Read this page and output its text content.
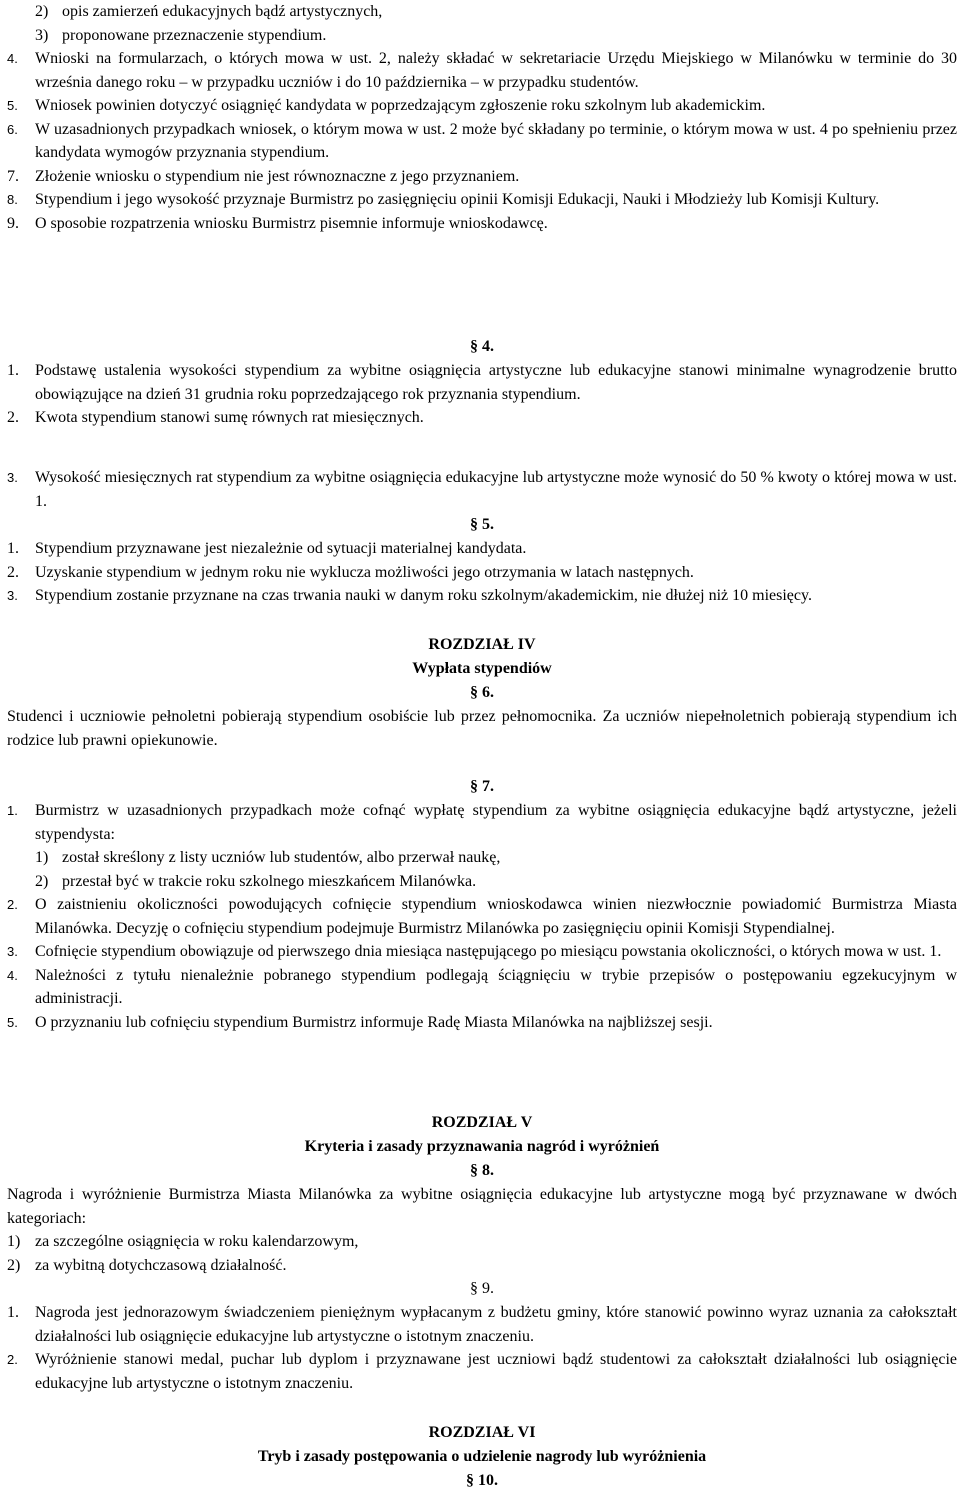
2) opis zamierzeń edukacyjnych bądź artystycznych,
3) proponowane przeznaczenie stypendium.
4. Wnioski na formularzach, o których mowa w ust. 2, należy składać w sekretariacie Urzędu Miejskiego w Milanówku w terminie do 30 września danego roku – w przypadku uczniów i do 10 października – w przypadku studentów.
5. Wniosek powinien dotyczyć osiągnięć kandydata w poprzedzającym zgłoszenie roku szkolnym lub akademickim.
6. W uzasadnionych przypadkach wniosek, o którym mowa w ust. 2 może być składany po terminie, o którym mowa w ust. 4 po spełnieniu przez kandydata wymogów przyznania stypendium.
7. Złożenie wniosku o stypendium nie jest równoznaczne z jego przyznaniem.
8. Stypendium i jego wysokość przyznaje Burmistrz po zasięgnięciu opinii Komisji Edukacji, Nauki i Młodzieży lub Komisji Kultury.
9. O sposobie rozpatrzenia wniosku Burmistrz pisemnie informuje wnioskodawcę.
§ 4.
1. Podstawę ustalenia wysokości stypendium za wybitne osiągnięcia artystyczne lub edukacyjne stanowi minimalne wynagrodzenie brutto obowiązujące na dzień 31 grudnia roku poprzedzającego rok przyznania stypendium.
2. Kwota stypendium stanowi sumę równych rat miesięcznych.
3. Wysokość miesięcznych rat stypendium za wybitne osiągnięcia edukacyjne lub artystyczne może wynosić do 50 % kwoty o której mowa w ust. 1.
§ 5.
1. Stypendium przyznawane jest niezależnie od sytuacji materialnej kandydata.
2. Uzyskanie stypendium w jednym roku nie wyklucza możliwości jego otrzymania w latach następnych.
3. Stypendium zostanie przyznane na czas trwania nauki w danym roku szkolnym/akademickim, nie dłużej niż 10 miesięcy.
ROZDZIAŁ IV
Wypłata stypendiów
§ 6.
Studenci i uczniowie pełnoletni pobierają stypendium osobiście lub przez pełnomocnika. Za uczniów niepełnoletnich pobierają stypendium ich rodzice lub prawni opiekunowie.
§ 7.
1. Burmistrz w uzasadnionych przypadkach może cofnąć wypłatę stypendium za wybitne osiągnięcia edukacyjne bądź artystyczne, jeżeli stypendysta:
1) został skreślony z listy uczniów lub studentów, albo przerwał naukę,
2) przestał być w trakcie roku szkolnego mieszkańcem Milanówka.
2. O zaistnieniu okoliczności powodujących cofnięcie stypendium wnioskodawca winien niezwłocznie powiadomić Burmistrza Miasta Milanówka. Decyzję o cofnięciu stypendium podejmuje Burmistrz Milanówka po zasięgnięciu opinii Komisji Stypendialnej.
3. Cofnięcie stypendium obowiązuje od pierwszego dnia miesiąca następującego po miesiącu powstania okoliczności, o których mowa w ust. 1.
4. Należności z tytułu nienależnie pobranego stypendium podlegają ściągnięciu w trybie przepisów o postępowaniu egzekucyjnym w administracji.
5. O przyznaniu lub cofnięciu stypendium Burmistrz informuje Radę Miasta Milanówka na najbliższej sesji.
ROZDZIAŁ V
Kryteria i zasady przyznawania nagród i wyróżnień
§ 8.
Nagroda i wyróżnienie Burmistrza Miasta Milanówka za wybitne osiągnięcia edukacyjne lub artystyczne mogą być przyznawane w dwóch kategoriach:
1) za szczególne osiągnięcia w roku kalendarzowym,
2) za wybitną dotychczasową działalność.
§ 9.
1. Nagroda jest jednorazowym świadczeniem pieniężnym wypłacanym z budżetu gminy, które stanowić powinno wyraz uznania za całokształt działalności lub osiągnięcie edukacyjne lub artystyczne o istotnym znaczeniu.
2. Wyróżnienie stanowi medal, puchar lub dyplom i przyznawane jest uczniowi bądź studentowi za całokształt działalności lub osiągnięcie edukacyjne lub artystyczne o istotnym znaczeniu.
ROZDZIAŁ VI
Tryb i zasady postępowania o udzielenie nagrody lub wyróżnienia
§ 10.
